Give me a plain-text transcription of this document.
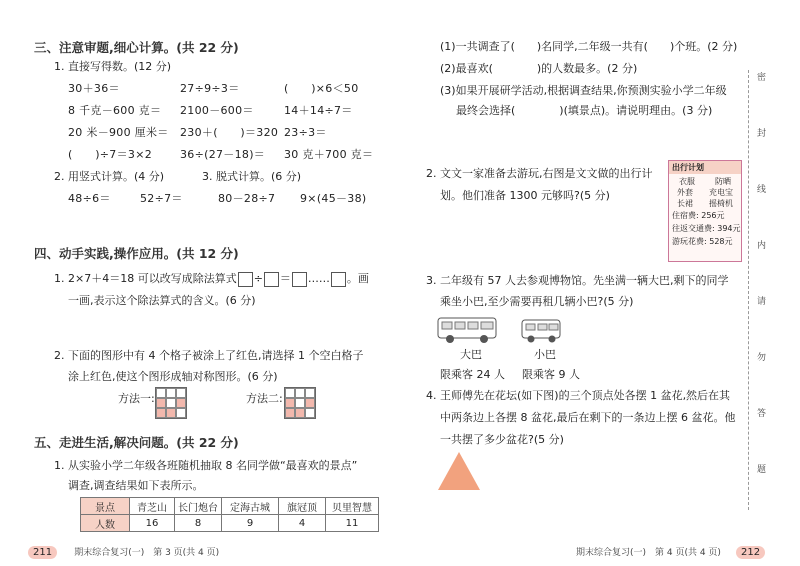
三、注意审题,细心计算。(共 22 分)
1. 直接写得数。(12 分)
30＋36＝	27÷9÷3＝	(　　)×6＜50
8 千克－600 克＝ 2100－600＝	14＋14÷7＝
20 米－900 厘米＝ 230＋(　　)＝320 23÷3＝
(　　)÷7＝3×2	36÷(27－18)＝ 30 克＋700 克＝
2. 用竖式计算。(4 分)	3. 脱式计算。(6 分)
48÷6＝	52÷7＝	80－28÷7 9×(45－38)
四、动手实践,操作应用。(共 12 分)
1. 2×7＋4＝18 可以改写成除法算式 ÷ ＝ …… 。画
一画,表示这个除法算式的含义。(6 分)
2. 下面的图形中有 4 个格子被涂上了红色,请选择 1 个空白格子
涂上红色,使这个图形成轴对称图形。(6 分)
方法一:	方法二:
五、走进生活,解决问题。(共 22 分)
1. 从实验小学二年级各班随机抽取 8 名同学做“最喜欢的景点”
调查,调查结果如下表所示。
景点	青芝山	长门炮台	定海古城	旗冠顶	贝里智慧
人数	16	8	9	4	11
211 期末综合复习(一)　第 3 页(共 4 页)
(1)一共调查了(　　)名同学,二年级一共有(　　)个班。(2 分)
(2)最喜欢(　　　　)的人数最多。(2 分)
(3)如果开展研学活动,根据调查结果,你预测实验小学二年级
最终会选择(　　　　)(填景点)。请说明理由。(3 分)
2. 文文一家准备去游玩,右图是文文做的出行计
划。他们准备 1300 元够吗?(5 分)
出行计划
衣服	防晒
外套 充电宝
长裙 摇椅机
住宿费: 256元
往返交通费: 394元
游玩花费: 528元
3. 二年级有 57 人去参观博物馆。先坐满一辆大巴,剩下的同学
乘坐小巴,至少需要再租几辆小巴?(5 分)
大巴	小巴
限乘客 24 人 限乘客 9 人
4. 王师傅先在花坛(如下图)的三个顶点处各摆 1 盆花,然后在其
中两条边上各摆 8 盆花,最后在剩下的一条边上摆 6 盆花。他
一共摆了多少盆花?(5 分)
密
封
线
内
请
勿
答
题
期末综合复习(一)　第 4 页(共 4 页) 212
